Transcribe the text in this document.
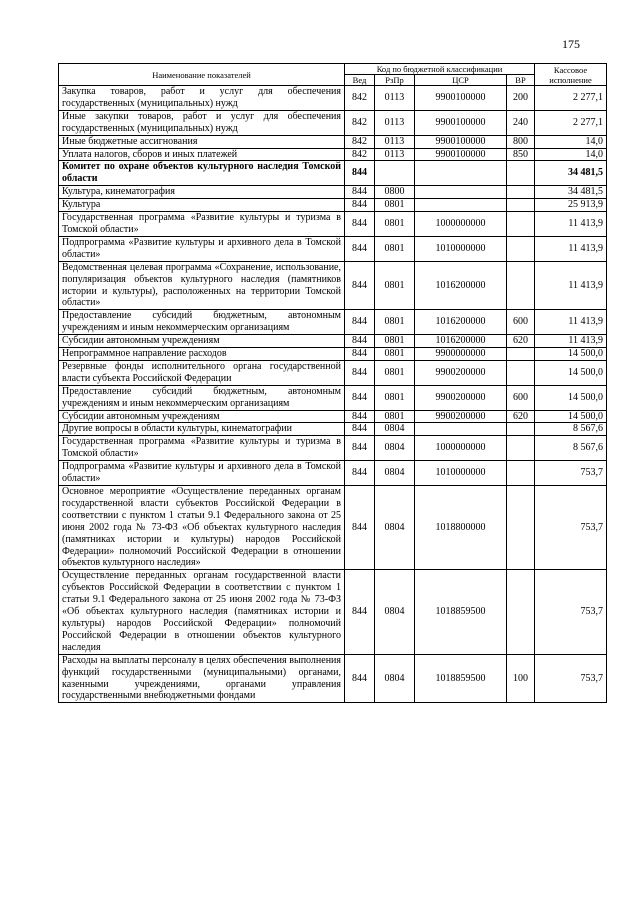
175
Наименование показателей	Код по бюджетной классификации				Кассовое исполнение
	Вед	РзПр	ЦСР	ВР	
Закупка товаров, работ и услуг для обеспечения государственных (муниципальных) нужд	842	0113	9900100000	200	2 277,1
Иные закупки товаров, работ и услуг для обеспечения государственных (муниципальных) нужд	842	0113	9900100000	240	2 277,1
Иные бюджетные ассигнования	842	0113	9900100000	800	14,0
Уплата налогов, сборов и иных платежей	842	0113	9900100000	850	14,0
Комитет по охране объектов культурного наследия Томской области	844				34 481,5
Культура, кинематография	844	0800			34 481,5
Культура	844	0801			25 913,9
Государственная программа «Развитие культуры и туризма в Томской области»	844	0801	1000000000		11 413,9
Подпрограмма «Развитие культуры и архивного дела в Томской области»	844	0801	1010000000		11 413,9
Ведомственная целевая программа «Сохранение, использование, популяризация объектов культурного наследия (памятников истории и культуры), расположенных на территории Томской области»	844	0801	1016200000		11 413,9
Предоставление субсидий бюджетным, автономным учреждениям и иным некоммерческим организациям	844	0801	1016200000	600	11 413,9
Субсидии автономным учреждениям	844	0801	1016200000	620	11 413,9
Непрограммное направление расходов	844	0801	9900000000		14 500,0
Резервные фонды исполнительного органа государственной власти субъекта Российской Федерации	844	0801	9900200000		14 500,0
Предоставление субсидий бюджетным, автономным учреждениям и иным некоммерческим организациям	844	0801	9900200000	600	14 500,0
Субсидии автономным учреждениям	844	0801	9900200000	620	14 500,0
Другие вопросы в области культуры, кинематографии	844	0804			8 567,6
Государственная программа «Развитие культуры и туризма в Томской области»	844	0804	1000000000		8 567,6
Подпрограмма «Развитие культуры и архивного дела в Томской области»	844	0804	1010000000		753,7
Основное мероприятие «Осуществление переданных органам государственной власти субъектов Российской Федерации в соответствии с пунктом 1 статьи 9.1 Федерального закона от 25 июня 2002 года № 73-ФЗ «Об объектах культурного наследия (памятниках истории и культуры) народов Российской Федерации» полномочий Российской Федерации в отношении объектов культурного наследия»	844	0804	1018800000		753,7
Осуществление переданных органам государственной власти субъектов Российской Федерации в соответствии с пунктом 1 статьи 9.1 Федерального закона от 25 июня 2002 года № 73-ФЗ «Об объектах культурного наследия (памятниках истории и культуры) народов Российской Федерации» полномочий Российской Федерации в отношении объектов культурного наследия	844	0804	1018859500		753,7
Расходы на выплаты персоналу в целях обеспечения выполнения функций государственными (муниципальными) органами, казенными учреждениями, органами управления государственными внебюджетными фондами	844	0804	1018859500	100	753,7
